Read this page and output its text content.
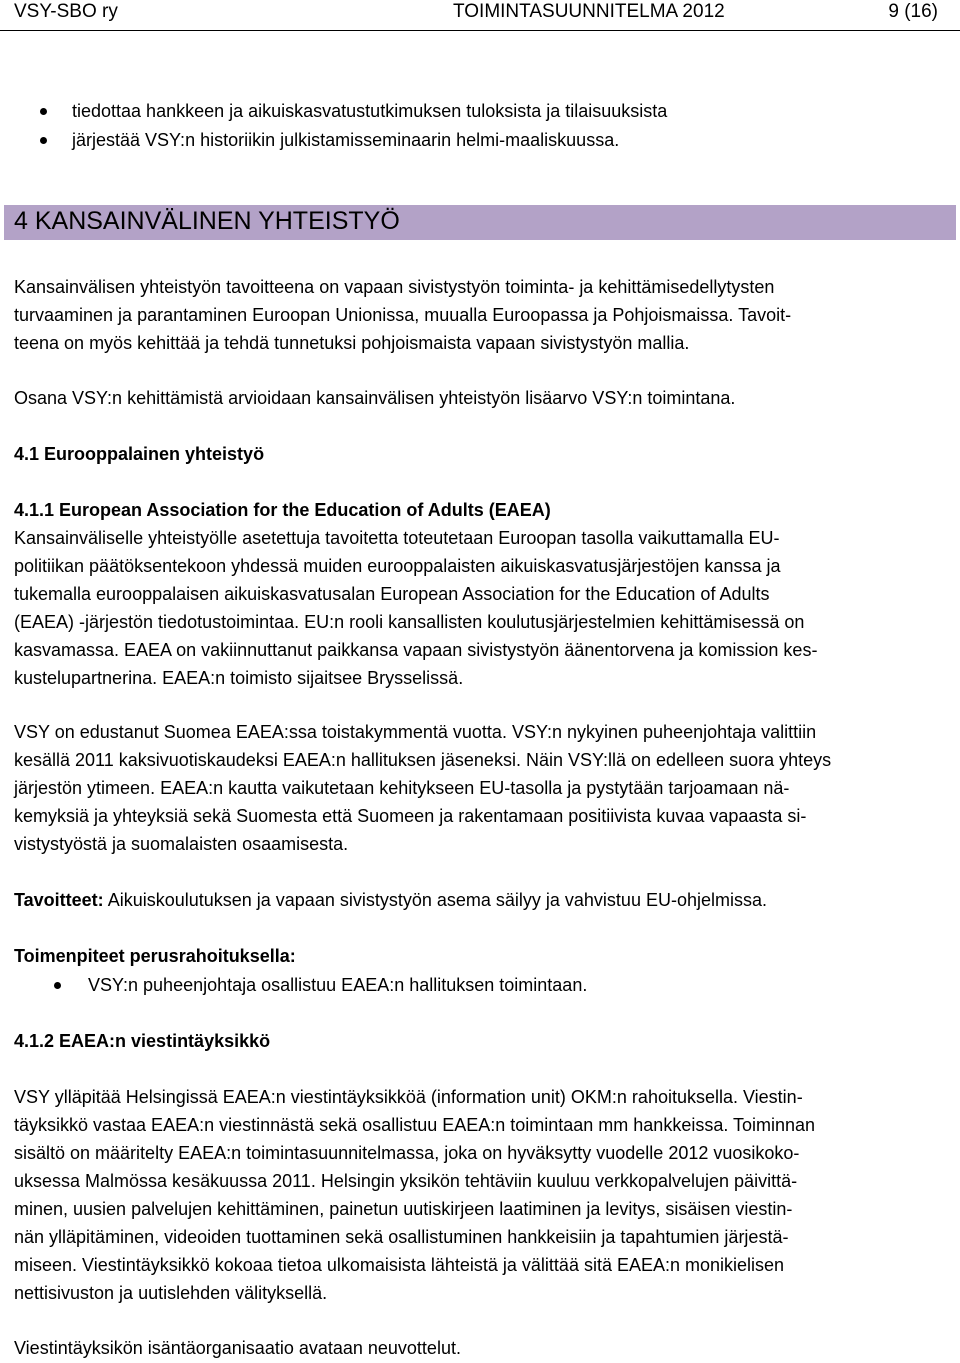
VSY-SBO ry	TOIMINTASUUNNITELMA 2012	9 (16)
tiedottaa hankkeen ja aikuiskasvatustutkimuksen tuloksista ja tilaisuuksista
järjestää VSY:n historiikin julkistamisseminaarin helmi-maaliskuussa.
4 KANSAINVÄLINEN YHTEISTYÖ
Kansainvälisen yhteistyön tavoitteena on vapaan sivistystyön toiminta- ja kehittämisedellytysten
turvaaminen ja parantaminen Euroopan Unionissa, muualla Euroopassa ja Pohjoismaissa. Tavoit-
teena on myös kehittää ja tehdä tunnetuksi pohjoismaista vapaan sivistystyön mallia.
Osana VSY:n kehittämistä arvioidaan kansainvälisen yhteistyön lisäarvo VSY:n toimintana.
4.1 Eurooppalainen yhteistyö
4.1.1 European Association for the Education of Adults (EAEA)
Kansainväliselle yhteistyölle asetettuja tavoitetta toteutetaan Euroopan tasolla vaikuttamalla EU-
politiikan päätöksentekoon yhdessä muiden eurooppalaisten aikuiskasvatusjärjestöjen kanssa ja
tukemalla eurooppalaisen aikuiskasvatusalan European Association for the Education of Adults
(EAEA) -järjestön tiedotustoimintaa. EU:n rooli kansallisten koulutusjärjestelmien kehittämisessä on
kasvamassa. EAEA on vakiinnuttanut paikkansa vapaan sivistystyön äänentorvena ja komission kes-
kustelupartnerina. EAEA:n toimisto sijaitsee Brysselissä.
VSY on edustanut Suomea EAEA:ssa toistakymmentä vuotta. VSY:n nykyinen puheenjohtaja valittiin
kesällä 2011 kaksivuotiskaudeksi EAEA:n hallituksen jäseneksi. Näin VSY:llä on edelleen suora yhteys
järjestön ytimeen. EAEA:n kautta vaikutetaan kehitykseen EU-tasolla ja pystytään tarjoamaan nä-
kemyksiä ja yhteyksiä sekä Suomesta että Suomeen ja rakentamaan positiivista kuvaa vapaasta si-
vistystyöstä ja suomalaisten osaamisesta.
Tavoitteet: Aikuiskoulutuksen ja vapaan sivistystyön asema säilyy ja vahvistuu EU-ohjelmissa.
Toimenpiteet perusrahoituksella:
VSY:n puheenjohtaja osallistuu EAEA:n hallituksen toimintaan.
4.1.2 EAEA:n viestintäyksikkö
VSY ylläpitää Helsingissä EAEA:n viestintäyksikköä (information unit) OKM:n rahoituksella. Viestin-
täyksikkö vastaa EAEA:n viestinnästä sekä osallistuu EAEA:n toimintaan mm hankkeissa. Toiminnan
sisältö on määritelty EAEA:n toimintasuunnitelmassa, joka on hyväksytty vuodelle 2012 vuosikoko-
uksessa Malmössa kesäkuussa 2011. Helsingin yksikön tehtäviin kuuluu verkkopalvelujen päivittä-
minen, uusien palvelujen kehittäminen, painetun uutiskirjeen laatiminen ja levitys, sisäisen viestin-
nän ylläpitäminen, videoiden tuottaminen sekä osallistuminen hankkeisiin ja tapahtumien järjestä-
miseen. Viestintäyksikkö kokoaa tietoa ulkomaisista lähteistä ja välittää sitä EAEA:n monikielisen
nettisivuston ja uutislehden välityksellä.
Viestintäyksikön isäntäorganisaatio avataan neuvottelut.
